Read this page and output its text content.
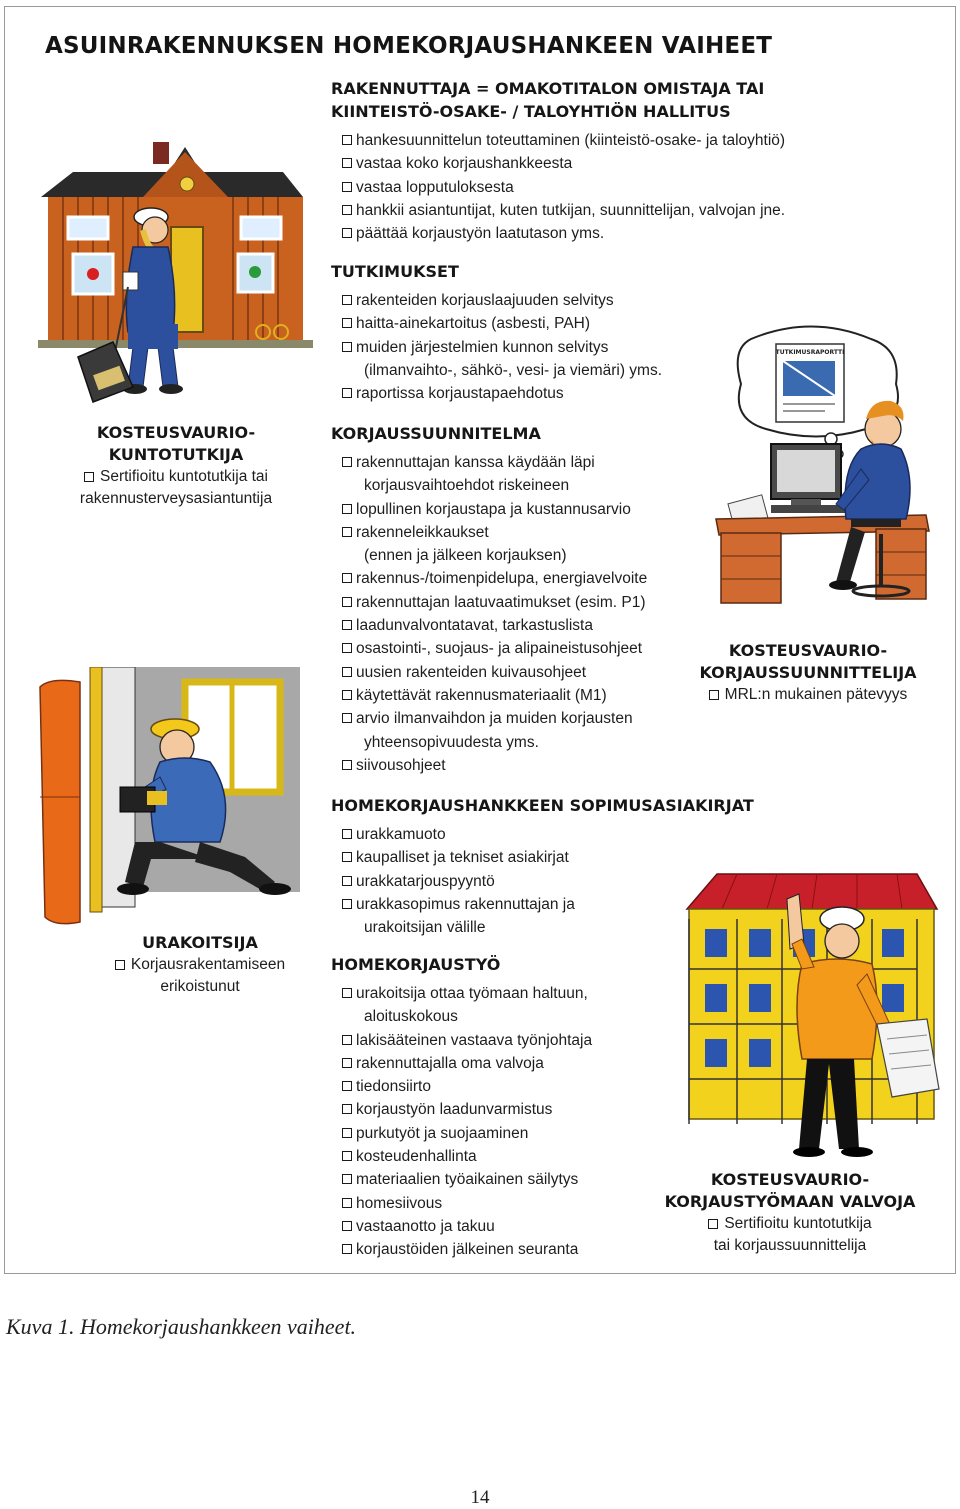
ASUINRAKENNUKSEN HOMEKORJAUSHANKEEN VAIHEET
RAKENNUTTAJA = OMAKOTITALON OMISTAJA TAI
KIINTEISTÖ-OSAKE- / TALOYHTIÖN HALLITUS
hankesuunnittelun toteuttaminen (kiinteistö-osake- ja taloyhtiö)
vastaa koko korjaushankkeesta
vastaa lopputuloksesta
hankkii asiantuntijat, kuten tutkijan, suunnittelijan, valvojan jne.
päättää korjaustyön laatutason yms.
TUTKIMUKSET
rakenteiden korjauslaajuuden selvitys
haitta-ainekartoitus (asbesti, PAH)
muiden järjestelmien kunnon selvitys
(ilmanvaihto-, sähkö-, vesi- ja viemäri) yms.
raportissa korjaustapaehdotus
KORJAUSSUUNNITELMA
rakennuttajan kanssa käydään läpi
korjausvaihtoehdot riskeineen
lopullinen korjaustapa ja kustannusarvio
rakenneleikkaukset
(ennen ja jälkeen korjauksen)
rakennus-/toimenpidelupa, energiavelvoite
rakennuttajan laatuvaatimukset (esim. P1)
laadunvalvontatavat, tarkastuslista
osastointi-, suojaus- ja alipaineistusohjeet
uusien rakenteiden kuivausohjeet
käytettävät rakennusmateriaalit (M1)
arvio ilmanvaihdon ja muiden korjausten
yhteensopivuudesta yms.
siivousohjeet
HOMEKORJAUSHANKKEEN SOPIMUSASIAKIRJAT
urakkamuoto
kaupalliset ja tekniset asiakirjat
urakkatarjouspyyntö
urakkasopimus rakennuttajan ja
urakoitsijan välille
HOMEKORJAUSTYÖ
urakoitsija ottaa työmaan haltuun,
aloituskokous
lakisääteinen vastaava työnjohtaja
rakennuttajalla oma valvoja
tiedonsiirto
korjaustyön laadunvarmistus
purkutyöt ja suojaaminen
kosteudenhallinta
materiaalien työaikainen säilytys
homesiivous
vastaanotto ja takuu
korjaustöiden jälkeinen seuranta
KOSTEUSVAURIO-
KUNTOTUTKIJA
Sertifioitu kuntotutkija tai
rakennusterveysasiantuntija
KOSTEUSVAURIO-
KORJAUSSUUNNITTELIJA
MRL:n mukainen pätevyys
URAKOITSIJA
Korjausrakentamiseen
erikoistunut
KOSTEUSVAURIO-
KORJAUSTYÖMAAN VALVOJA
Sertifioitu kuntotutkija
tai korjaussuunnittelija
TUTKIMUSRAPORTTI

Kuva 1. Homekorjaushankkeen vaiheet.

14
